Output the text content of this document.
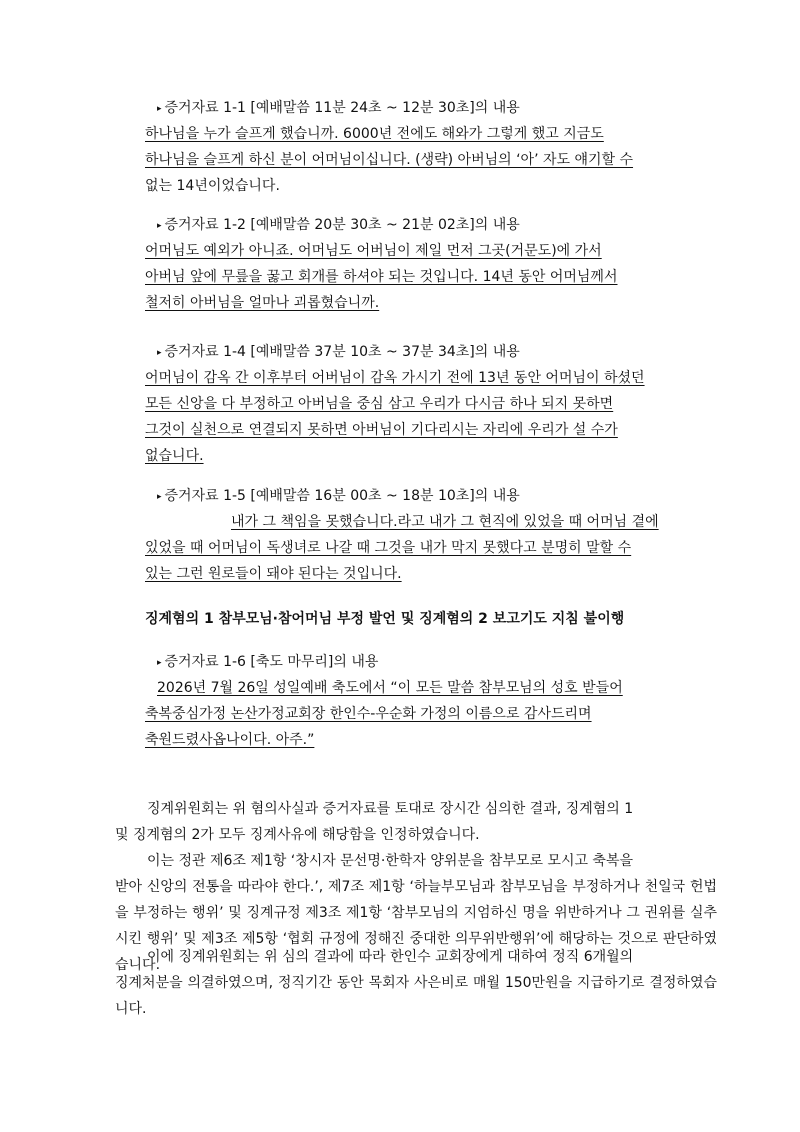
▸ 증거자료 1-1 [예배말씀 11분 24초 ~ 12분 30초]의 내용
하나님을 누가 슬프게 했습니까. 6000년 전에도 해와가 그렇게 했고 지금도
하나님을 슬프게 하신 분이 어머님이십니다. (생략) 아버님의 ‘아’ 자도 얘기할 수
없는 14년이었습니다.
▸ 증거자료 1-2 [예배말씀 20분 30초 ~ 21분 02초]의 내용
어머님도 예외가 아니죠. 어머님도 어버님이 제일 먼저 그곳(거문도)에 가서
아버님 앞에 무릎을 꿇고 회개를 하셔야 되는 것입니다. 14년 동안 어머님께서
철저히 아버님을 얼마나 괴롭혔습니까.
▸ 증거자료 1-4 [예배말씀 37분 10초 ~ 37분 34초]의 내용
어머님이 감옥 간 이후부터 어버님이 감옥 가시기 전에 13년 동안 어머님이 하셨던
모든 신앙을 다 부정하고 아버님을 중심 삼고 우리가 다시금 하나 되지 못하면
그것이 실천으로 연결되지 못하면 아버님이 기다리시는 자리에 우리가 설 수가
없습니다.
▸ 증거자료 1-5 [예배말씀 16분 00초 ~ 18분 10초]의 내용
내가 그 책임을 못했습니다.라고 내가 그 현직에 있었을 때 어머님 곁에
있었을 때 어머님이 독생녀로 나갈 때 그것을 내가 막지 못했다고 분명히 말할 수
있는 그런 원로들이 돼야 된다는 것입니다.
징계혐의 1 참부모님·참어머님 부정 발언 및 징계혐의 2 보고기도 지침 불이행
▸ 증거자료 1-6 [축도 마무리]의 내용
2026년 7월 26일 성일예배 축도에서 “이 모든 말씀 참부모님의 성호 받들어
축복중심가정 논산가정교회장 한인수-우순화 가정의 이름으로 감사드리며
축원드렸사옵나이다. 아주.”
징계위원회는 위 혐의사실과 증거자료를 토대로 장시간 심의한 결과, 징계혐의 1
및 징계혐의 2가 모두 징계사유에 해당함을 인정하였습니다.
이는 정관 제6조 제1항 ‘창시자 문선명·한학자 양위분을 참부모로 모시고 축복을
받아 신앙의 전통을 따라야 한다.’, 제7조 제1항 ‘하늘부모님과 참부모님을 부정하거나 천일국 헌법을 부정하는 행위’ 및 징계규정 제3조 제1항 ‘참부모님의 지엄하신 명을 위반하거나 그 권위를 실추시킨 행위’ 및 제3조 제5항 ‘협회 규정에 정해진 중대한 의무위반행위’에 해당하는 것으로 판단하였습니다.
이에 징계위원회는 위 심의 결과에 따라 한인수 교회장에게 대하여 정직 6개월의
징계처분을 의결하였으며, 정직기간 동안 목회자 사은비로 매월 150만원을 지급하기로 결정하였습니다.
